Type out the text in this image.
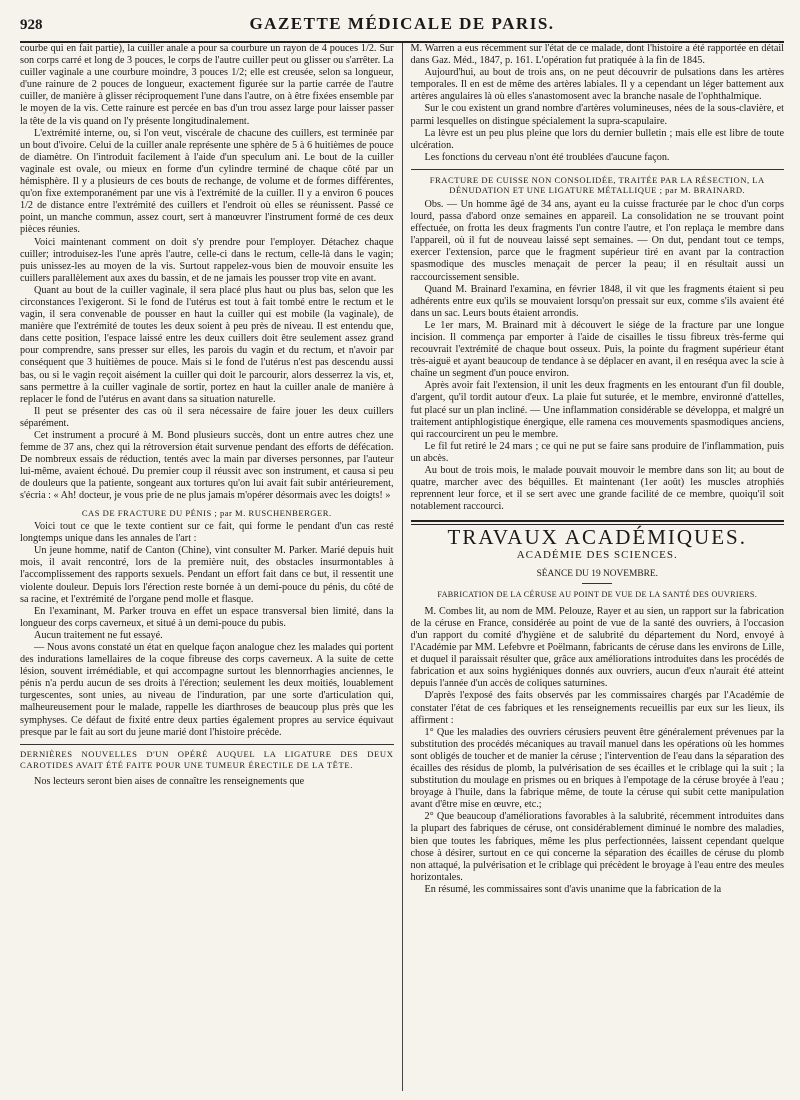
928	GAZETTE MÉDICALE DE PARIS.

courbe qui en fait partie), la cuiller anale a pour sa courbure un rayon de 4 pouces 1/2. Sur son corps carré et long de 3 pouces, le corps de l'autre cuiller peut ou glisser ou s'arrêter. La cuiller vaginale a une courbure moindre, 3 pouces 1/2; elle est creusée, selon sa longueur, d'une rainure de 2 pouces de longueur, exactement figurée sur la partie carrée de l'autre cuiller, de manière à glisser réciproquement l'une dans l'autre, on à être fixées ensemble par le moyen de la vis. Cette rainure est percée en bas d'un trou assez large pour laisser passer la tête de la vis quand on l'y présente longitudinalement.

L'extrémité interne, ou, si l'on veut, viscérale de chacune des cuillers, est terminée par un bout d'ivoire. Celui de la cuiller anale représente une sphère de 5 à 6 huitièmes de pouce de diamètre. On l'introduit facilement à l'aide d'un speculum ani. Le bout de la cuiller vaginale est ovale, ou mieux en forme d'un cylindre terminé de chaque côté par un hémisphère. Il y a plusieurs de ces bouts de rechange, de volume et de formes différentes, qu'on fixe extemporanément par une vis à l'extrémité de la cuiller. Il y a environ 6 pouces 1/2 de distance entre l'extrémité des cuillers et l'endroit où elles se réunissent. Passé ce point, un manche commun, assez court, sert à manœuvrer l'instrument formé de ces deux pièces réunies.

Voici maintenant comment on doit s'y prendre pour l'employer. Détachez chaque cuiller; introduisez-les l'une après l'autre, celle-ci dans le rectum, celle-là dans le vagin; puis unissez-les au moyen de la vis. Surtout rappelez-vous bien de mouvoir ensuite les cuillers parallèlement aux axes du bassin, et de ne jamais les pousser trop vite en avant.

Quant au bout de la cuiller vaginale, il sera placé plus haut ou plus bas, selon que les circonstances l'exigeront. Si le fond de l'utérus est tout à fait tombé entre le rectum et le vagin, il sera convenable de pousser en haut la cuiller qui est mobile (la vaginale), de manière que l'extrémité de toutes les deux soient à peu près de niveau. Il est entendu que, dans cette position, l'espace laissé entre les deux cuillers doit être seulement assez grand pour comprendre, sans presser sur elles, les parois du vagin et du rectum, et n'avoir par conséquent que 3 huitièmes de pouce. Mais si le fond de l'utérus n'est pas descendu aussi bas, ou si le vagin reçoit aisément la cuiller qui doit le parcourir, alors desserrez la vis, et, sans permettre à la cuiller vaginale de sortir, portez en haut la cuiller anale de manière à replacer le fond de l'utérus en avant dans sa situation naturelle.

Il peut se présenter des cas où il sera nécessaire de faire jouer les deux cuillers séparément.

Cet instrument a procuré à M. Bond plusieurs succès, dont un entre autres chez une femme de 37 ans, chez qui la rétroversion était survenue pendant des efforts de défécation. De nombreux essais de réduction, tentés avec la main par diverses personnes, par l'auteur lui-même, avaient échoué. Du premier coup il réussit avec son instrument, et causa si peu de douleurs que la patiente, songeant aux tortures qu'on lui avait fait subir antérieurement, s'écria : « Ah! docteur, je vous prie de ne plus jamais m'opérer désormais avec les doigts! »

CAS DE FRACTURE DU PÉNIS ; par M. RUSCHENBERGER.

Voici tout ce que le texte contient sur ce fait, qui forme le pendant d'un cas resté longtemps unique dans les annales de l'art :

Un jeune homme, natif de Canton (Chine), vint consulter M. Parker. Marié depuis huit mois, il avait rencontré, lors de la première nuit, des obstacles insurmontables à l'accomplissement des rapports sexuels. Pendant un effort fait dans ce but, il ressentit une violente douleur. Depuis lors l'érection reste bornée à un demi-pouce du pénis, du côté de sa racine, et l'extrémité de l'organe pend molle et flasque.

En l'examinant, M. Parker trouva en effet un espace transversal bien limité, dans la longueur des corps caverneux, et situé à un demi-pouce du pubis.

Aucun traitement ne fut essayé.

— Nous avons constaté un état en quelque façon analogue chez les malades qui portent des indurations lamellaires de la coque fibreuse des corps caverneux. A la suite de cette lésion, souvent irrémédiable, et qui accompagne surtout les blennorrhagies anciennes, le pénis n'a perdu aucun de ses droits à l'érection; seulement les deux moitiés, louablement turgescentes, sont unies, au niveau de l'induration, par une sorte d'articulation qui, malheureusement pour le malade, rappelle les diarthroses de beaucoup plus près que les symphyses. Ce défaut de fixité entre deux parties également propres au service équivaut presque par le fait au sort du jeune marié dont l'histoire précède.

DERNIÈRES NOUVELLES D'UN OPÉRÉ AUQUEL LA LIGATURE DES DEUX CAROTIDES AVAIT ÉTÉ FAITE POUR UNE TUMEUR ÉRECTILE DE LA TÊTE.

Nos lecteurs seront bien aises de connaître les renseignements que

M. Warren a eus récemment sur l'état de ce malade, dont l'histoire a été rapportée en détail dans Gaz. Méd., 1847, p. 161. L'opération fut pratiquée à la fin de 1845.

Aujourd'hui, au bout de trois ans, on ne peut découvrir de pulsations dans les artères temporales. Il en est de même des artères labiales. Il y a cependant un léger battement aux artères angulaires là où elles s'anastomosent avec la branche nasale de l'ophthalmique.

Sur le cou existent un grand nombre d'artères volumineuses, nées de la sous-clavière, et parmi lesquelles on distingue spécialement la supra-scapulaire.

La lèvre est un peu plus pleine que lors du dernier bulletin ; mais elle est libre de toute ulcération.

Les fonctions du cerveau n'ont été troublées d'aucune façon.

FRACTURE DE CUISSE NON CONSOLIDÉE, TRAITÉE PAR LA RÉSECTION, LA DÉNUDATION ET UNE LIGATURE MÉTALLIQUE ; par M. BRAINARD.

Obs. — Un homme âgé de 34 ans, ayant eu la cuisse fracturée par le choc d'un corps lourd, passa d'abord onze semaines en appareil. La consolidation ne se trouvant point effectuée, on frotta les deux fragments l'un contre l'autre, et l'on replaça le membre dans l'appareil, où il fut de nouveau laissé sept semaines. — On dut, pendant tout ce temps, exercer l'extension, parce que le fragment supérieur tiré en avant par la contraction spasmodique des muscles menaçait de percer la peau; il en résultait aussi un raccourcissement sensible.

Quand M. Brainard l'examina, en février 1848, il vit que les fragments étaient si peu adhérents entre eux qu'ils se mouvaient lorsqu'on pressait sur eux, comme s'ils avaient été dans un sac. Leurs bouts étaient arrondis.

Le 1er mars, M. Brainard mit à découvert le siége de la fracture par une longue incision. Il commença par emporter à l'aide de cisailles le tissu fibreux très-ferme qui recouvrait l'extrémité de chaque bout osseux. Puis, la pointe du fragment supérieur étant très-aiguë et ayant beaucoup de tendance à se déplacer en avant, il en reséqua avec la scie à chaîne un segment d'un pouce environ.

Après avoir fait l'extension, il unit les deux fragments en les entourant d'un fil double, d'argent, qu'il tordit autour d'eux. La plaie fut suturée, et le membre, environné d'attelles, fut placé sur un plan incliné. — Une inflammation considérable se développa, et malgré un traitement antiphlogistique énergique, elle ramena ces mouvements spasmodiques anciens, qui raccourcirent un peu le membre.

Le fil fut retiré le 24 mars ; ce qui ne put se faire sans produire de l'inflammation, puis un abcès.

Au bout de trois mois, le malade pouvait mouvoir le membre dans son lit; au bout de quatre, marcher avec des béquilles. Et maintenant (1er août) les muscles atrophiés reprennent leur force, et il se sert avec une grande facilité de ce membre, quoiqu'il soit notablement raccourci.

TRAVAUX ACADÉMIQUES.
ACADÉMIE DES SCIENCES.
SÉANCE DU 19 NOVEMBRE.
FABRICATION DE LA CÉRUSE AU POINT DE VUE DE LA SANTÉ DES OUVRIERS.

M. Combes lit, au nom de MM. Pelouze, Rayer et au sien, un rapport sur la fabrication de la céruse en France, considérée au point de vue de la santé des ouvriers, à l'occasion d'un rapport du comité d'hygiène et de salubrité du département du Nord, envoyé à l'Académie par MM. Lefebvre et Poëlmann, fabricants de céruse dans les environs de Lille, et duquel il paraissait résulter que, grâce aux améliorations introduites dans les procédés de fabrication et aux soins hygiéniques donnés aux ouvriers, aucun d'eux n'aurait été atteint depuis l'année d'un accès de coliques saturnines.

D'après l'exposé des faits observés par les commissaires chargés par l'Académie de constater l'état de ces fabriques et les renseignements recueillis par eux sur les lieux, ils affirment :

1° Que les maladies des ouvriers cérusiers peuvent être généralement prévenues par la substitution des procédés mécaniques au travail manuel dans les opérations où les hommes sont obligés de toucher et de manier la céruse ; l'intervention de l'eau dans la séparation des écailles des résidus de plomb, la pulvérisation de ses écailles et le criblage qui la suit ; la substitution du moulage en prismes ou en briques à l'empotage de la céruse broyée à l'eau ; broyage à l'huile, dans la fabrique même, de toute la céruse qui subit cette manipulation avant d'être mise en œuvre, etc.;

2° Que beaucoup d'améliorations favorables à la salubrité, récemment introduites dans la plupart des fabriques de céruse, ont considérablement diminué le nombre des maladies, bien que toutes les fabriques, même les plus perfectionnées, laissent cependant quelque chose à désirer, surtout en ce qui concerne la séparation des écailles de céruse du plomb non attaqué, la pulvérisation et le criblage qui précèdent le broyage à l'eau entre des meules horizontales.

En résumé, les commissaires sont d'avis unanime que la fabrication de la
